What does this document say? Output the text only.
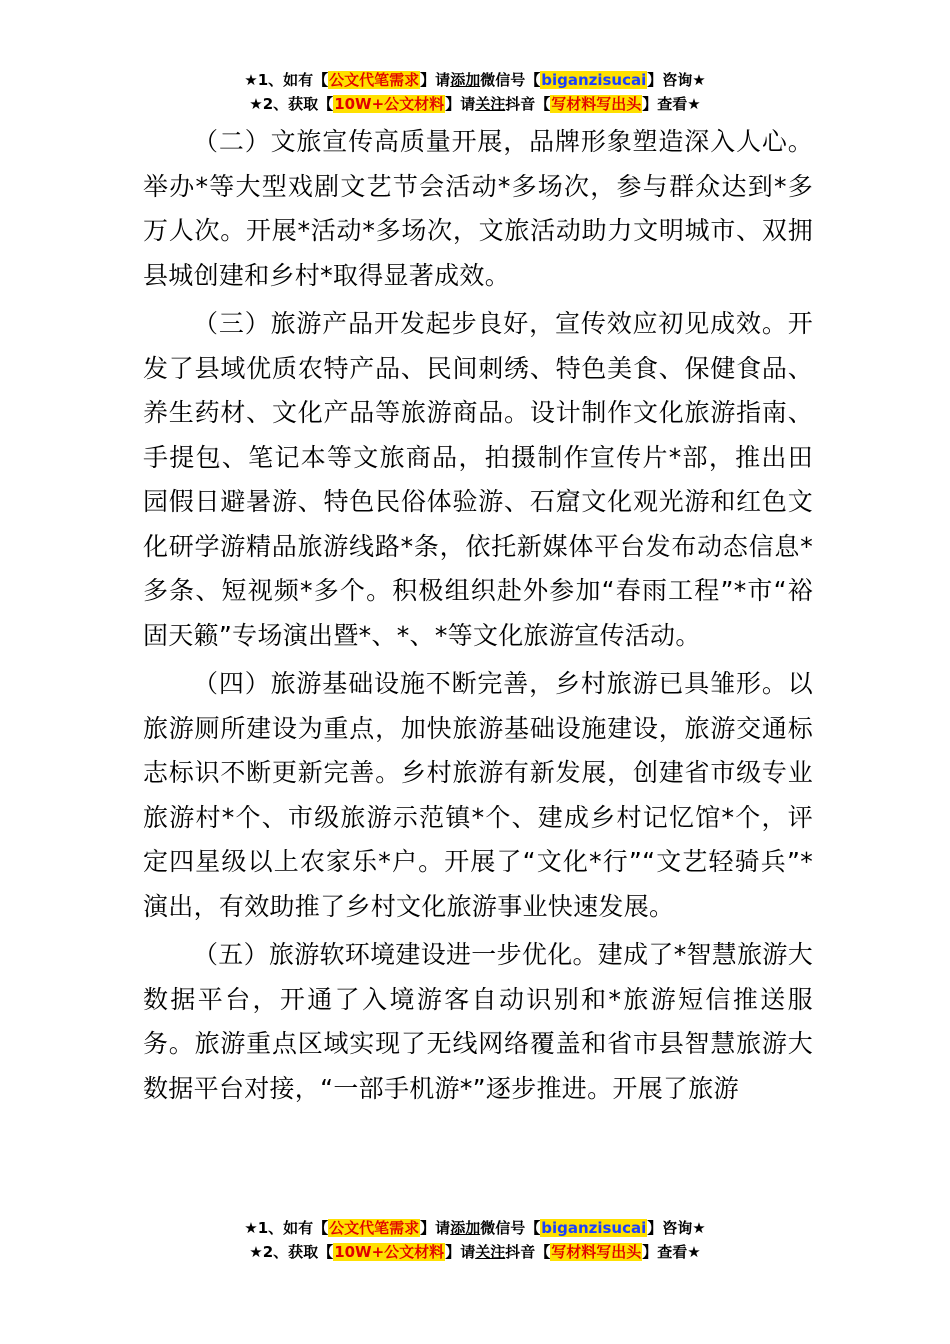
★1、如有【公文代笔需求】请添加微信号【biganzisucai】咨询★
★2、获取【10W+公文材料】请关注抖音【写材料写出头】查看★

（二）文旅宣传高质量开展，品牌形象塑造深入人心。举办*等大型戏剧文艺节会活动*多场次，参与群众达到*多万人次。开展*活动*多场次，文旅活动助力文明城市、双拥县城创建和乡村*取得显著成效。

（三）旅游产品开发起步良好，宣传效应初见成效。开发了县域优质农特产品、民间刺绣、特色美食、保健食品、养生药材、文化产品等旅游商品。设计制作文化旅游指南、手提包、笔记本等文旅商品，拍摄制作宣传片*部，推出田园假日避暑游、特色民俗体验游、石窟文化观光游和红色文化研学游精品旅游线路*条，依托新媒体平台发布动态信息*多条、短视频*多个。积极组织赴外参加“春雨工程”*市“裕固天籁”专场演出暨*、*、*等文化旅游宣传活动。

（四）旅游基础设施不断完善，乡村旅游已具雏形。以旅游厕所建设为重点，加快旅游基础设施建设，旅游交通标志标识不断更新完善。乡村旅游有新发展，创建省市级专业旅游村*个、市级旅游示范镇*个、建成乡村记忆馆*个，评定四星级以上农家乐*户。开展了“文化*行”“文艺轻骑兵”*演出，有效助推了乡村文化旅游事业快速发展。

（五）旅游软环境建设进一步优化。建成了*智慧旅游大数据平台，开通了入境游客自动识别和*旅游短信推送服务。旅游重点区域实现了无线网络覆盖和省市县智慧旅游大数据平台对接，“一部手机游*”逐步推进。开展了旅游

★1、如有【公文代笔需求】请添加微信号【biganzisucai】咨询★
★2、获取【10W+公文材料】请关注抖音【写材料写出头】查看★
